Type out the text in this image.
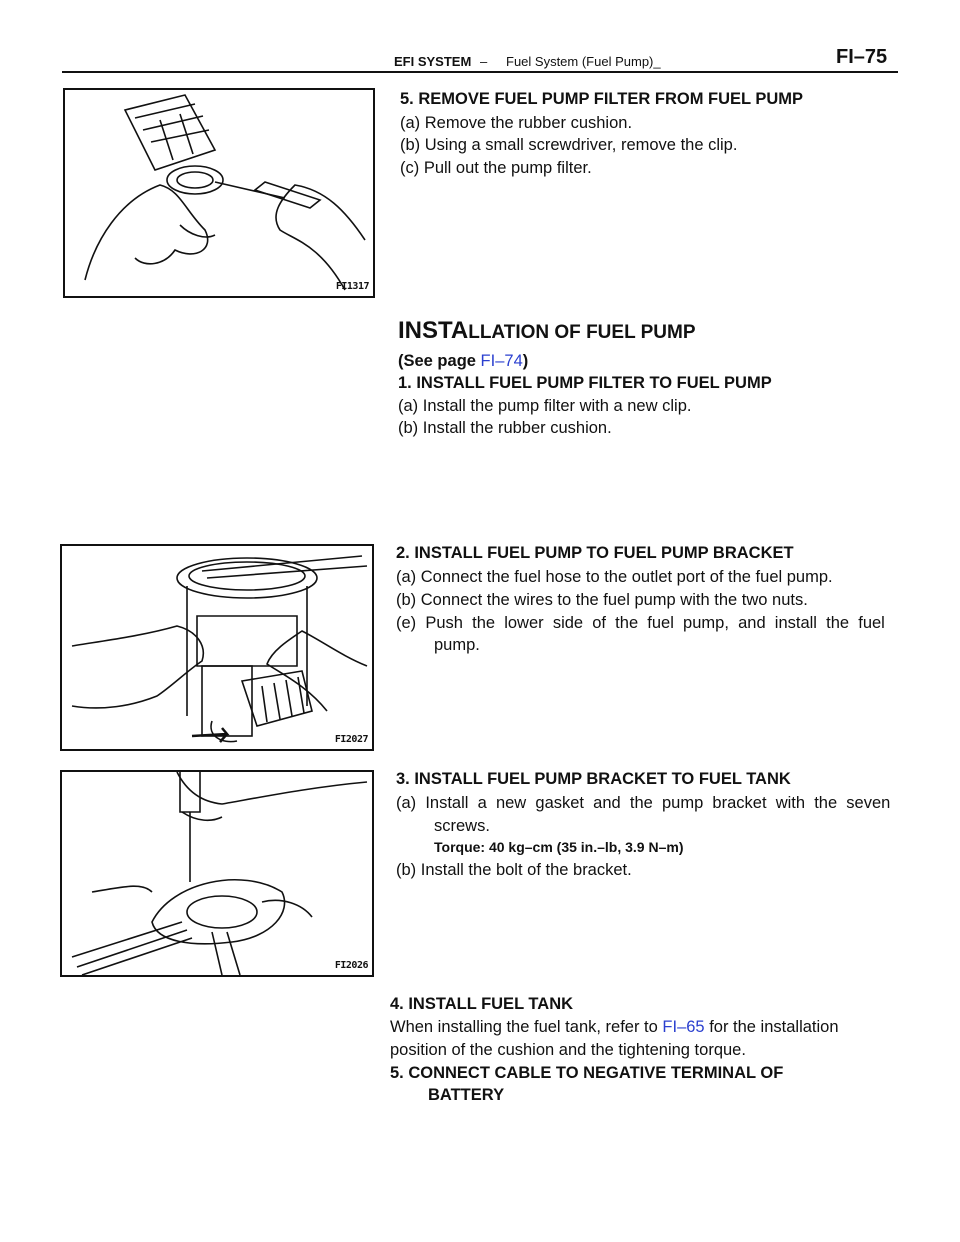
EFI SYSTEM – Fuel System (Fuel Pump)_	FI–75
FI1317
5. REMOVE FUEL PUMP FILTER FROM FUEL PUMP
(a) Remove the rubber cushion.
(b) Using a small screwdriver, remove the clip.
(c) Pull out the pump filter.
INSTALLATION OF FUEL PUMP
(See page FI–74)
1. INSTALL FUEL PUMP FILTER TO FUEL PUMP
(a) Install the pump filter with a new clip.
(b) Install the rubber cushion.
FI2027
2. INSTALL FUEL PUMP TO FUEL PUMP BRACKET
(a) Connect the fuel hose to the outlet port of the fuel pump.
(b) Connect the wires to the fuel pump with the two nuts.
(e)  Push  the  lower  side  of  the  fuel  pump,  and  install  the  fuel
pump.
FI2026
3. INSTALL FUEL PUMP BRACKET TO FUEL TANK
(a)  Install  a  new  gasket  and  the  pump  bracket  with  the  seven
screws.
Torque: 40 kg–cm (35 in.–lb, 3.9 N–m)
(b) Install the bolt of the bracket.
4. INSTALL FUEL TANK
When installing the fuel tank, refer to FI–65 for the installation
position of the cushion and the tightening torque.
5. CONNECT CABLE TO NEGATIVE TERMINAL OF
BATTERY
